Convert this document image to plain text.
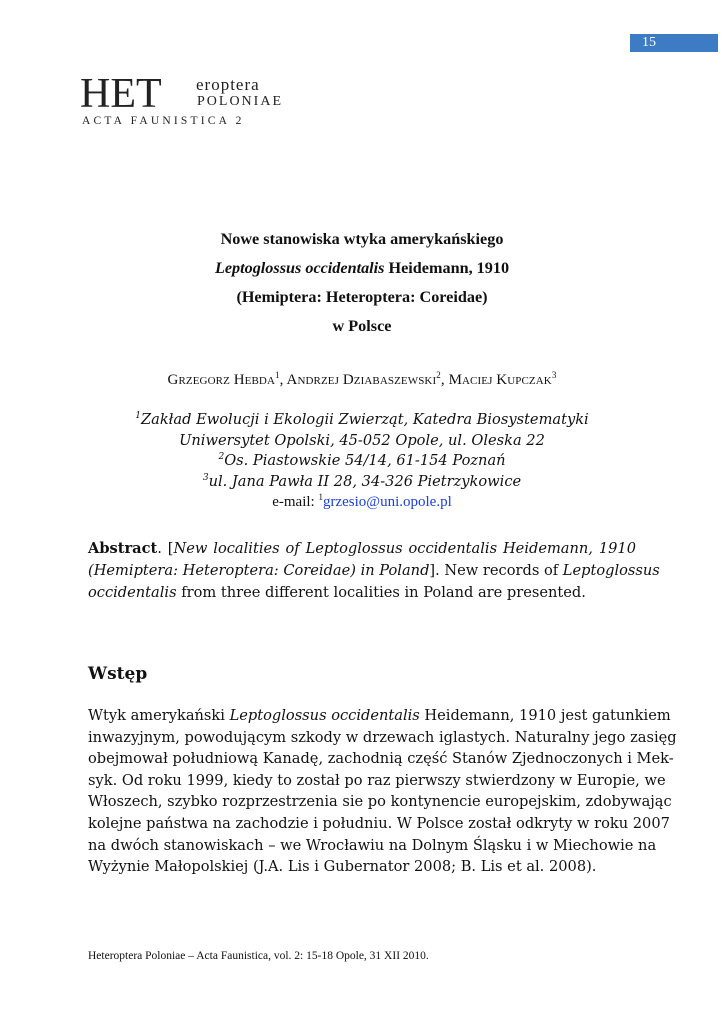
15
HET eroptera
POLONIAE
ACTA FAUNISTICA 2
Nowe stanowiska wtyka amerykańskiego
Leptoglossus occidentalis Heidemann, 1910
(Hemiptera: Heteroptera: Coreidae)
w Polsce
Grzegorz Hebda$^1$, Andrzej Dziabaszewski$^2$, Maciej Kupczak$^3$
$^1$Zakład Ewolucji i Ekologii Zwierząt, Katedra Biosystematyki
Uniwersytet Opolski, 45-052 Opole, ul. Oleska 22
$^2$Os. Piastowskie 54/14, 61-154 Poznań
$^3$ul. Jana Pawła II 28, 34-326 Pietrzykowice
e-mail: $^1$grzesio@uni.opole.pl
Abstract. [New localities of Leptoglossus occidentalis Heidemann, 1910
(Hemiptera: Heteroptera: Coreidae) in Poland]. New records of Leptoglossus
occidentalis from three different localities in Poland are presented.
Wstęp
Wtyk amerykański Leptoglossus occidentalis Heidemann, 1910 jest gatunkiem
inwazyjnym, powodującym szkody w drzewach iglastych. Naturalny jego zasięg
obejmował południową Kanadę, zachodnią część Stanów Zjednoczonych i Mek-
syk. Od roku 1999, kiedy to został po raz pierwszy stwierdzony w Europie, we
Włoszech, szybko rozprzestrzenia sie po kontynencie europejskim, zdobywając
kolejne państwa na zachodzie i południu. W Polsce został odkryty w roku 2007
na dwóch stanowiskach – we Wrocławiu na Dolnym Śląsku i w Miechowie na
Wyżynie Małopolskiej (J.A. Lis i Gubernator 2008; B. Lis et al. 2008).
Heteroptera Poloniae – Acta Faunistica, vol. 2: 15-18 Opole, 31 XII 2010.
